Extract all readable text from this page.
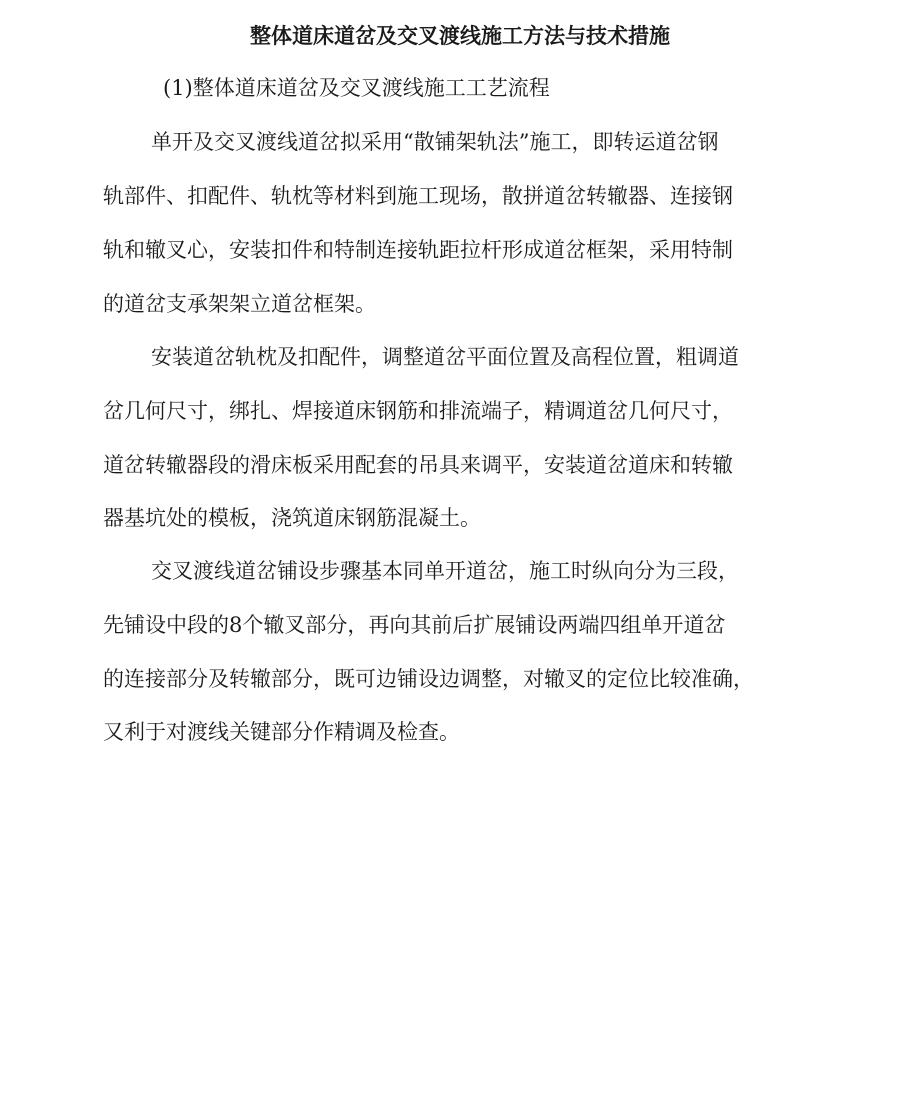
整体道床道岔及交叉渡线施工方法与技术措施
(1)整体道床道岔及交叉渡线施工工艺流程
单开及交叉渡线道岔拟采用“散铺架轨法”施工，即转运道岔钢
轨部件、扣配件、轨枕等材料到施工现场，散拼道岔转辙器、连接钢
轨和辙叉心，安装扣件和特制连接轨距拉杆形成道岔框架，采用特制
的道岔支承架架立道岔框架。
安装道岔轨枕及扣配件，调整道岔平面位置及高程位置，粗调道
岔几何尺寸，绑扎、焊接道床钢筋和排流端子，精调道岔几何尺寸，
道岔转辙器段的滑床板采用配套的吊具来调平，安装道岔道床和转辙
器基坑处的模板，浇筑道床钢筋混凝土。
交叉渡线道岔铺设步骤基本同单开道岔，施工时纵向分为三段，
先铺设中段的8个辙叉部分，再向其前后扩展铺设两端四组单开道岔
的连接部分及转辙部分，既可边铺设边调整，对辙叉的定位比较准确，
又利于对渡线关键部分作精调及检查。
